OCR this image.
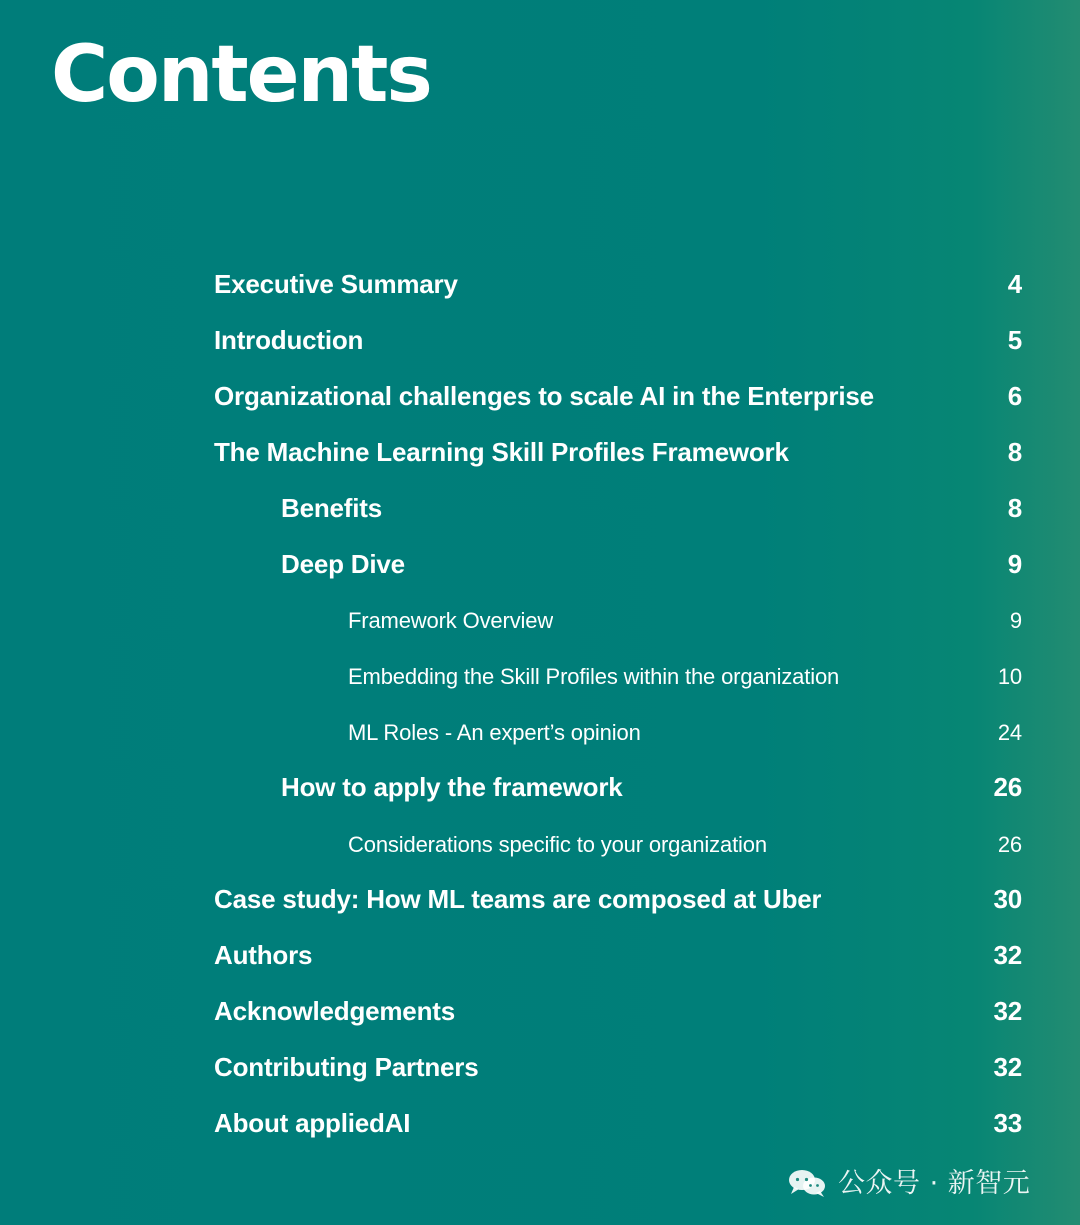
Contents
Executive Summary	4
Introduction	5
Organizational challenges to scale AI in the Enterprise	6
The Machine Learning Skill Profiles Framework	8
Benefits	8
Deep Dive	9
Framework Overview	9
Embedding the Skill Profiles within the organization	10
ML Roles - An expert’s opinion	24
How to apply the framework	26
Considerations specific to your organization	26
Case study: How ML teams are composed at Uber	30
Authors	32
Acknowledgements	32
Contributing Partners	32
About appliedAI	33
公众号 · 新智元
